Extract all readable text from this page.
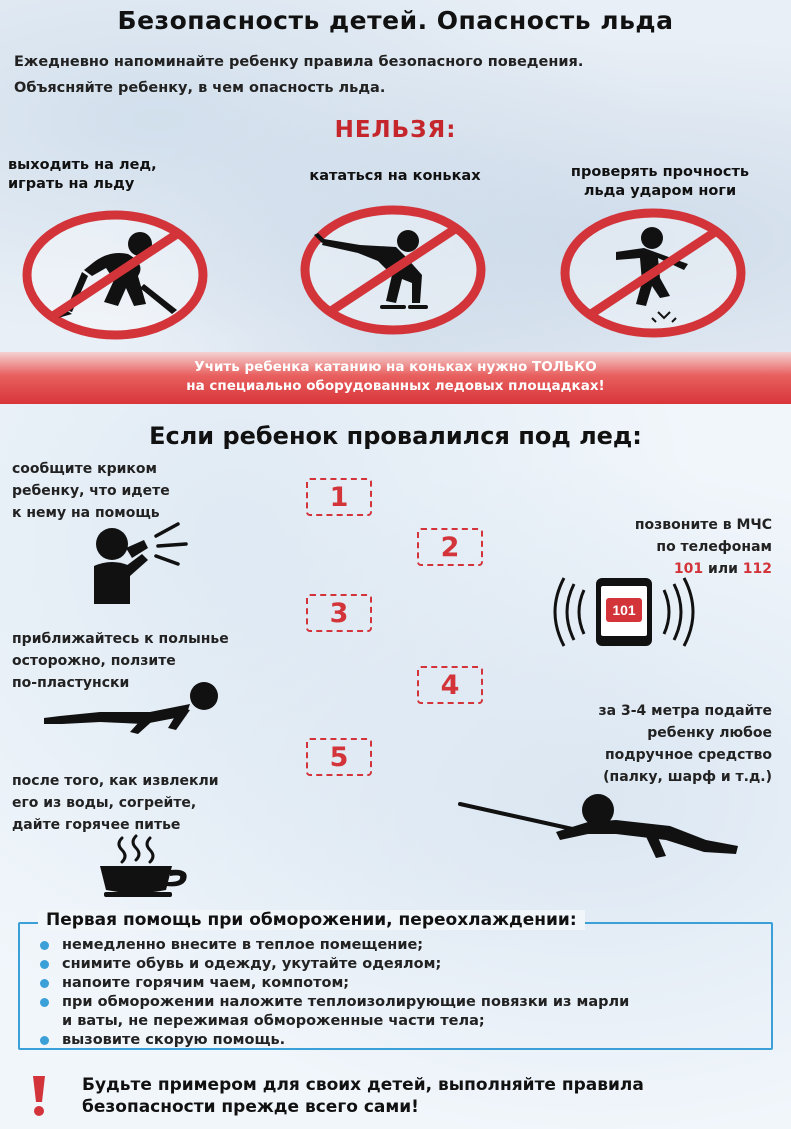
Безопасность детей. Опасность льда
Ежедневно напоминайте ребенку правила безопасного поведения.
Объясняйте ребенку, в чем опасность льда.
НЕЛЬЗЯ:
выходить на лед,
играть на льду	кататься на коньках	проверять прочность
льда ударом ноги
Учить ребенка катанию на коньках нужно ТОЛЬКО
на специально оборудованных ледовых площадках!
Если ребенок провалился под лед:
сообщите криком
ребенку, что идете
к нему на помощь
1
2
позвоните в МЧС
по телефонам
101 или 112
101
3
приближайтесь к полынье
осторожно, ползите
по-пластунски	4
за 3-4 метра подайте
ребенку любое
подручное средство
(палку, шарф и т.д.)
5
после того, как извлекли
его из воды, согрейте,
дайте горячее питье
Первая помощь при обморожении, переохлаждении:
немедленно внесите в теплое помещение;
снимите обувь и одежду, укутайте одеялом;
напоите горячим чаем, компотом;
при обморожении наложите теплоизолирующие повязки из марли
и ваты, не пережимая обмороженные части тела;
вызовите скорую помощь.
Будьте примером для своих детей, выполняйте правила
безопасности прежде всего сами!
